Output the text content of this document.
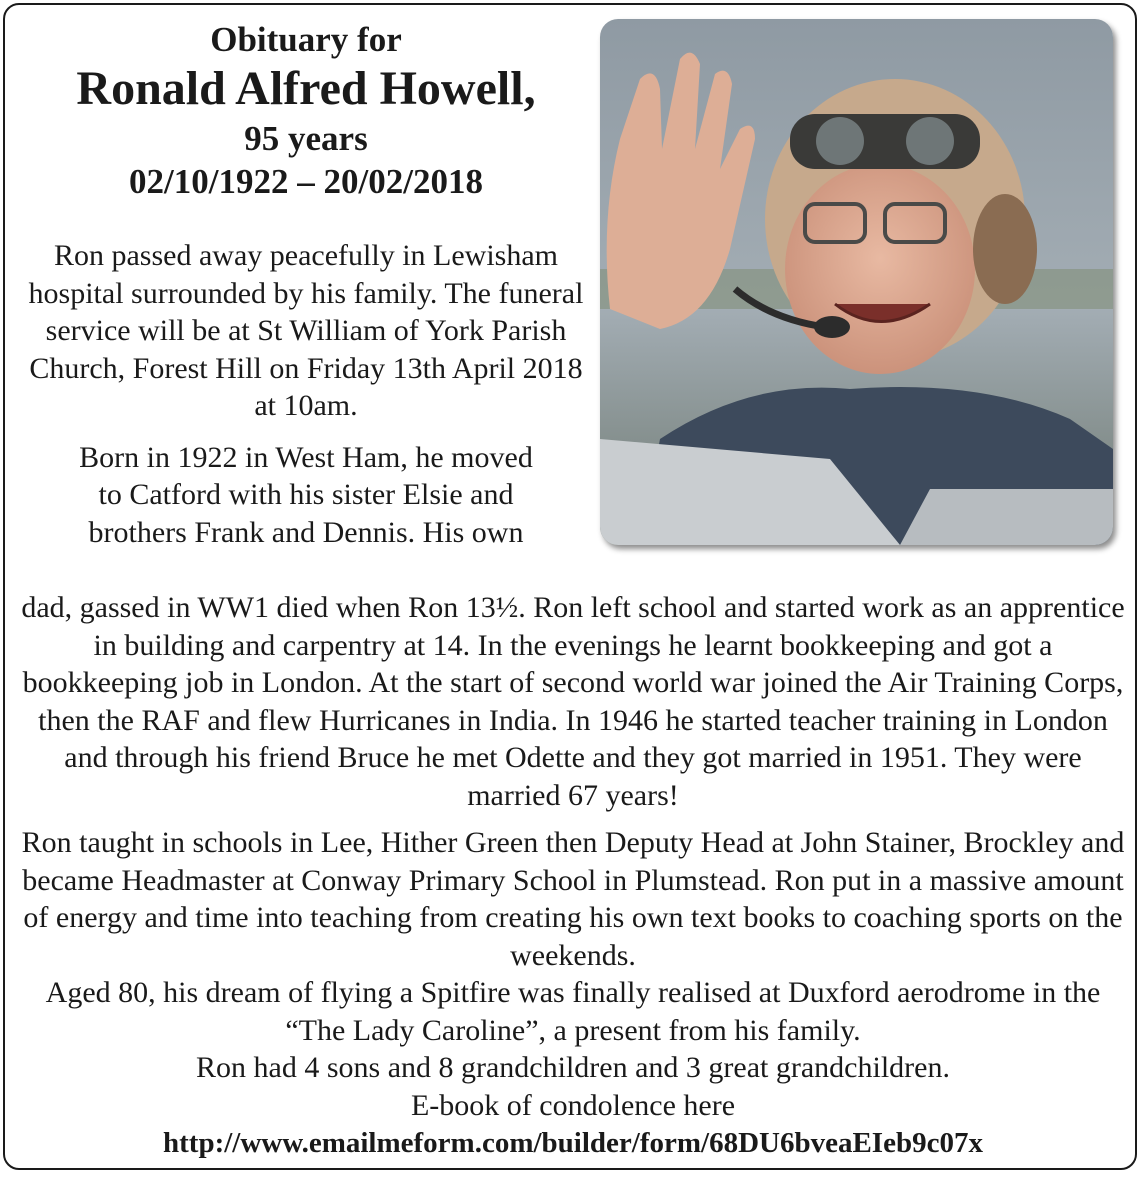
Obituary for
Ronald Alfred Howell,
95 years
02/10/1922 – 20/02/2018

Ron passed away peacefully in Lewisham hospital surrounded by his family. The funeral service will be at St William of York Parish Church, Forest Hill on Friday 13th April 2018 at 10am.

Born in 1922 in West Ham, he moved
to Catford with his sister Elsie and
brothers Frank and Dennis. His own

dad, gassed in WW1 died when Ron 13½. Ron left school and started work as an apprentice in building and carpentry at 14. In the evenings he learnt bookkeeping and got a bookkeeping job in London. At the start of second world war joined the Air Training Corps, then the RAF and flew Hurricanes in India. In 1946 he started teacher training in London and through his friend Bruce he met Odette and they got married in 1951. They were married 67 years!

Ron taught in schools in Lee, Hither Green then Deputy Head at John Stainer, Brockley and became Headmaster at Conway Primary School in Plumstead. Ron put in a massive amount of energy and time into teaching from creating his own text books to coaching sports on the weekends.

Aged 80, his dream of flying a Spitfire was finally realised at Duxford aerodrome in the “The Lady Caroline”, a present from his family.

Ron had 4 sons and 8 grandchildren and 3 great grandchildren.

E-book of condolence here

http://www.emailmeform.com/builder/form/68DU6bveaEIeb9c07x
